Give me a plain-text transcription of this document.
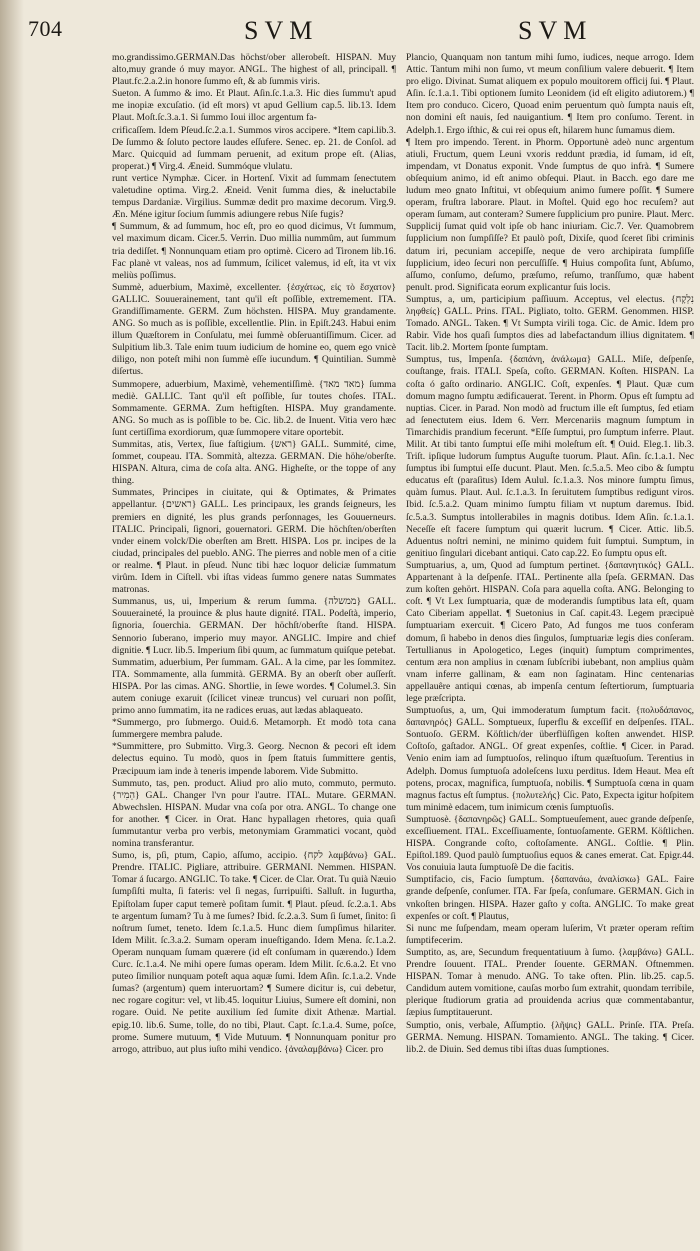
704	SVM	SVM

mo.grandissimo.GERMAN.Das höchst/ober allerobeſt. HISPAN. Muy alto,muy grande ó muy mayor. ANGL. The highest of all, principall. ¶ Plaut.fc.2.a.2.in honore ſummo eſt, & ab ſummis viris.

Sueton. A ſummo & imo. Et Plaut. Aſin.ſc.1.a.3. Hic dies ſummu't apud me inopiæ excuſatio. (id eſt mors) vt apud Gellium cap.5. lib.13. Idem Plaut. Moſt.ſc.3.a.1. Si ſummo Ioui illoc argentum fa-

crificaſſem. Idem Pſeud.ſc.2.a.1. Summos viros accipere. *Item capi.lib.3. De ſummo & ſoluto pectore laudes eſſufere. Senec. ep. 21. de Conſol. ad Marc. Quicquid ad ſummam peruenit, ad exitum prope eſt. (Alias, properat.) ¶ Virg.4. Æneid. Summóque vlulatu.

runt vertice Nymphæ. Cicer. in Hortenſ. Vixit ad ſummam ſenectutem valetudine optima. Virg.2. Æneid. Venit ſumma dies, & ineluctabile tempus Dardaniæ. Virgilius. Summæ dedit pro maxime decorum. Virg.9. Æn. Méne igitur ſocium ſummis adiungere rebus Niſe fugis?

¶ Summum, & ad ſummum, hoc eſt, pro eo quod dicimus, Vt ſummum, vel maximum dicam. Cicer.5. Verrin. Duo millia nummûm, aut ſummum tria dediſſet. ¶ Nonnunquam etiam pro optimè. Cicero ad Tironem lib.16. Fac planè vt valeas, nos ad ſummum, ſcilicet valemus, id eſt, ita vt vix meliùs poſſimus.

Summè, aduerbium, Maximè, excellenter. {ἐσχάτως, εἰς τὸ ἔσχατον} GALLIC. Souuerainement, tant qu'il eſt poſſible, extremement. ITA. Grandiſſimamente. GERM. Zum höchsten. HISPA. Muy grandamente. ANG. So much as is poſſible, excellentlie. Plin. in Epiſt.243. Habui enim illum Quæſtorem in Conſulatu, mei ſummè obſeruantiſſimum. Cicer. ad Sulpitium lib.3. Tale enim tuum iudicium de homine eo, quem ego vnicè diligo, non poteſt mihi non ſummè eſſe iucundum. ¶ Quintilian. Summè diſertus.

Summopere, aduerbium, Maximè, vehementiſſimè. {מאד מאד} ſumma mediè. GALLIC. Tant qu'il eſt poſſible, ſur toutes choſes. ITAL. Sommamente. GERMA. Zum heftigſten. HISPA. Muy grandamente. ANG. So much as is poſſible to be. Cic. lib.2. de Inuent. Vitia vero hæc ſunt certiſſima exordiorum, quæ ſummopere vitare oportebit.

Summitas, atis, Vertex, ſiue faſtigium. {ראש} GALL. Summité, cime, ſommet, coupeau. ITA. Sommità, altezza. GERMAN. Die höhe/oberſte. HISPAN. Altura, cima de coſa alta. ANG. Higheſte, or the toppe of any thing.

Summates, Principes in ciuitate, qui & Optimates, & Primates appellantur. {ראשים} GALL. Les principaux, les grands ſeigneurs, les premiers en dignité, les plus grands perſonnages, les Gouuerneurs. ITALIC. Principali, ſignori, gouernatori. GERM. Die höchſten/oberſten vnder einem volck/Die oberſten am Brett. HISPA. Los pr. incipes de la ciudad, principales del pueblo. ANG. The pierres and noble men of a citie or realme. ¶ Plaut. in pſeud. Nunc tibi hæc loquor deliciæ ſummatum virûm. Idem in Ciſtell. vbi iſtas videas ſummo genere natas Summates matronas.

Summanus, us, ui, Imperium & rerum ſumma. {ממשלה} GALL. Souueraineté, la prouince & plus haute dignité. ITAL. Podeſtà, imperio, ſignoria, ſouerchia. GERMAN. Der höchſt/oberſte ſtand. HISPA. Sennorio ſuberano, imperio muy mayor. ANGLIC. Impire and chief dignitie. ¶ Lucr. lib.5. Imperium ſibi quum, ac ſummatum quiſque petebat.

Summatim, aduerbium, Per ſummam. GAL. A la cime, par les ſommitez. ITA. Sommamente, alla ſummità. GERMA. By an oberſt ober auſſerſt. HISPA. Por las cimas. ANG. Shortlie, in ſewe wordes. ¶ Columel.3. Sin autem coniuge exaruit (ſcilicet vineæ truncus) vel curuari non poſſit, primo anno ſummatim, ita ne radices eruas, aut lædas ablaqueato.

*Summergo, pro ſubmergo. Ouid.6. Metamorph. Et modò tota cana ſummergere membra palude.

*Summittere, pro Submitto. Virg.3. Georg. Necnon & pecori eſt idem delectus equino. Tu modò, quos in ſpem ſtatuis ſummittere gentis, Præcipuum iam inde à teneris impende laborem. Vide Submitto.

Summuto, tas, pen. product. Aliud pro alio muto, commuto, permuto. {הֵמִיר} GAL. Changer l'vn pour l'autre. ITAL. Mutare. GERMAN. Abwechslen. HISPAN. Mudar vna coſa por otra. ANGL. To change one for another. ¶ Cicer. in Orat. Hanc hypallagen rhetores, quia quaſi ſummutantur verba pro verbis, metonymiam Grammatici vocant, quòd nomina transferantur.

Sumo, is, pſi, ptum, Capio, aſſumo, accipio. {לקח λαμβάνω} GAL. Prendre. ITALIC. Pigliare, attribuire. GERMANI. Nemmen. HISPAN. Tomar á ſucargo. ANGLIC. To take. ¶ Cicer. de Clar. Orat. Tu quià Næuio ſumpſiſti multa, ſi fateris: vel ſi negas, ſurripuiſti. Salluſt. in Iugurtha, Epiſtolam ſuper caput temerè poſitam ſumit. ¶ Plaut. pſeud. ſc.2.a.1. Abs te argentum ſumam? Tu à me ſumes? Ibid. ſc.2.a.3. Sum ſi ſumet, ſinito: ſi noſtrum ſumet, teneto. Idem ſc.1.a.5. Hunc diem ſumpſimus hilariter. Idem Milit. ſc.3.a.2. Sumam operam inueſtigando. Idem Mena. ſc.1.a.2. Operam nunquam ſumam quærere (id eſt conſumam in quærendo.) Idem Curc. ſc.1.a.4. Ne mihi opere ſumas operam. Idem Milit. ſc.6.a.2. Et vno puteo ſimilior nunquam poteſt aqua aquæ ſumi. Idem Aſin. ſc.1.a.2. Vnde ſumas? (argentum) quem interuortam? ¶ Sumere dicitur is, cui debetur, nec rogare cogitur: vel, vt lib.45. loquitur Liuius, Sumere eſt domini, non rogare. Ouid. Ne petite auxilium ſed ſumite dixit Athenæ. Martial. epig.10. lib.6. Sume, tolle, do no tibi, Plaut. Capt. ſc.1.a.4. Sume, poſce, prome. Sumere mutuum, ¶ Vide Mutuum. ¶ Nonnunquam ponitur pro arrogo, attribuo, aut plus iuſto mihi vendico. {ἀναλαμβάνω} Cicer. pro

Plancio, Quanquam non tantum mihi ſumo, iudices, neque arrogo. Idem Attic. Tantum mihi non ſumo, vt meum conſilium valere debuerit. ¶ Item pro eligo. Divinat. Sumat aliquem ex populo mouitorem officij ſui. ¶ Plaut. Aſin. ſc.1.a.1. Tibi optionem ſumito Leonidem (id eſt eligito adiutorem.) ¶ Item pro conduco. Cicero, Quoad enim peruentum quò ſumpta nauis eſt, non domini eſt nauis, ſed nauigantium. ¶ Item pro conſumo. Terent. in Adelph.1. Ergo iſthic, & cui rei opus eſt, hilarem hunc ſumamus diem.

¶ Item pro impendo. Terent. in Phorm. Opportunè adeò nunc argentum atiuli, Fructum, quem Leuni vxoris reddunt prædia, id ſumam, id eſt, impendam, vt Donatus exponit. Vnde ſumptus de quo infrà. ¶ Sumere obſequium animo, id eſt animo obſequi. Plaut. in Bacch. ego dare me ludum meo gnato Inſtitui, vt obſequium animo ſumere poſſit. ¶ Sumere operam, fruſtra laborare. Plaut. in Moſtel. Quid ego hoc recuſem? aut operam ſumam, aut conteram? Sumere ſupplicium pro punire. Plaut. Merc. Supplicij ſumat quid volt ipſe ob hanc iniuriam. Cic.7. Ver. Quamobrem ſupplicium non ſumpſiſſe? Et paulò poſt, Dixiſe, quod ſceret ſibi criminis datum iri, pecuniam accepiſſe, neque de vero archipirata ſumpſiſſe ſupplicium, ideo ſecuri non percuſſiſſe. ¶ Huius compoſita ſunt, Abſumo, aſſumo, conſumo, deſumo, præſumo, reſumo, tranſſumo, quæ habent penult. prod. Significata eorum explicantur ſuis locis.

Sumptus, a, um, participium paſſiuum. Acceptus, vel electus. {נִלְקָח ληφθείς} GALL. Prins. ITAL. Pigliato, tolto. GERM. Genommen. HISP. Tomado. ANGL. Taken. ¶ Vt Sumpta virili toga. Cic. de Amic. Idem pro Rabir. Vide hos quaſi ſumptos dies ad labefactandum illius dignitatem. ¶ Tacit. lib.2. Mortem ſponte ſumptam.

Sumptus, tus, Impenſa. {δαπάνη, ἀνάλωμα} GALL. Miſe, deſpenſe, couſtange, frais. ITALI. Speſa, coſto. GERMAN. Koſten. HISPAN. La coſta ó gaſto ordinario. ANGLIC. Coſt, expenſes. ¶ Plaut. Quæ cum domum magno ſumptu ædificauerat. Terent. in Phorm. Opus eſt ſumptu ad nuptias. Cicer. in Parad. Non modò ad fructum ille eſt ſumptus, ſed etiam ad ſenectutem eius. Idem 6. Verr. Mercenariis magnum ſumptum in Timarchidis prandium fecerunt. *Eſſe ſumptui, pro ſumptum inferre. Plaut. Milit. At tibi tanto ſumptui eſſe mihi moleſtum eſt. ¶ Ouid. Eleg.1. lib.3. Triſt. ipſique ludorum ſumptus Auguſte tuorum. Plaut. Aſin. ſc.1.a.1. Nec ſumptus ibi ſumptui eſſe ducunt. Plaut. Men. ſc.5.a.5. Meo cibo & ſumptu educatus eſt (paraſitus) Idem Aulul. ſc.1.a.3. Nos minore ſumptu ſimus, quàm ſumus. Plaut. Aul. ſc.1.a.3. In ſeruitutem ſumptibus redigunt viros. Ibid. ſc.5.a.2. Quam minimo ſumptu filiam vt nuptum daremus. Ibid. ſc.5.a.3. Sumptus intollerabiles in magnis dotibus. Idem Aſin. ſc.1.a.1. Neceſſe eſt facere ſumptum qui quærit lucrum. ¶ Cicer. Attic. lib.5. Aduentus noſtri nemini, ne minimo quidem fuit ſumptui. Sumptum, in genitiuo ſingulari dicebant antiqui. Cato cap.22. Eo ſumptu opus eſt.

Sumptuarius, a, um, Quod ad ſumptum pertinet. {δαπανητικός} GALL. Appartenant à la deſpenſe. ITAL. Pertinente alla ſpeſa. GERMAN. Das zum koſten gehört. HISPAN. Coſa para aquella coſta. ANG. Belonging to coſt. ¶ Vt Lex ſumptuaria, quæ de moderandis ſumptibus lata eſt, quam Cato Ciberiam appellat. ¶ Suetonius in Caſ. capit.43. Legem præcipuè ſumptuariam exercuit. ¶ Cicero Pato, Ad fungos me tuos conferam domum, ſi habebo in denos dies ſingulos, ſumptuariæ legis dies conſeram. Tertullianus in Apologetico, Leges (inquit) ſumptum comprimentes, centum æra non amplius in cœnam ſubſcribi iubebant, non amplius quàm vnam inferre gallinam, & eam non ſaginatam. Hinc centenarias appellauêre antiqui cœnas, ab impenſa centum ſeſtertiorum, ſumptuaria lege præſcripta.

Sumptuoſus, a, um, Qui immoderatum ſumptum facit. {πολυδάπανος, δαπανηρός} GALL. Somptueux, ſuperflu & exceſſif en deſpenſes. ITAL. Sontuoſo. GERM. Köſtlich/der überflüſſigen koſten anwendet. HISP. Coſtoſo, gaſtador. ANGL. Of great expenſes, coſtlie. ¶ Cicer. in Parad. Venio enim iam ad ſumptuoſos, relinquo iſtum quæſtuoſum. Terentius in Adelph. Domus ſumptuoſa adoleſcens luxu perditus. Idem Heaut. Mea eſt potens, procax, magnifica, ſumptuoſa, nobilis. ¶ Sumptuoſa cœna in quam magnus factus eſt ſumptus. {πολυτελής} Cic. Pato, Expecta igitur hoſpitem tum minimè edacem, tum inimicum cœnis ſumptuoſis.

Sumptuosè. {δαπανηρῶς} GALL. Somptueuſement, auec grande deſpenſe, exceſſiuement. ITAL. Exceſſiuamente, ſontuoſamente. GERM. Köſtlichen. HISPA. Congrande coſto, coſtoſamente. ANGL. Coſtlie. ¶ Plin. Epiſtol.189. Quod paulò ſumptuoſius equos & canes emerat. Cat. Epigr.44. Vos conuiuia lauta ſumptuoſè De die facitis.

Sumptifacio, cis, Facio ſumptum. {δαπανάω, ἀναλίσκω} GAL. Faire grande deſpenſe, conſumer. ITA. Far ſpeſa, conſumare. GERMAN. Gich in vnkoſten bringen. HISPA. Hazer gaſto y coſta. ANGLIC. To make great expenſes or coſt. ¶ Plautus,

Si nunc me ſuſpendam, meam operam luſerim, Vt præter operam reſtim ſumptifecerim.

Sumptito, as, are, Secundum frequentatiuum à ſumo. {λαμβάνω} GALL. Prendre ſouuent. ITAL. Prender ſouente. GERMAN. Oftnemmen. HISPAN. Tomar à menudo. ANG. To take often. Plin. lib.25. cap.5. Candidum autem vomitione, cauſas morbo ſum extrahit, quondam terribile, plerique ſtudiorum gratia ad prouidenda acrius quæ commentabantur, ſæpius ſumptitauerunt.

Sumptio, onis, verbale, Aſſumptio. {λῆψις} GALL. Prinſe. ITA. Preſa. GERMA. Nemung. HISPAN. Tomamiento. ANGL. The taking. ¶ Cicer. lib.2. de Diuin. Sed demus tibi iſtas duas ſumptiones.
